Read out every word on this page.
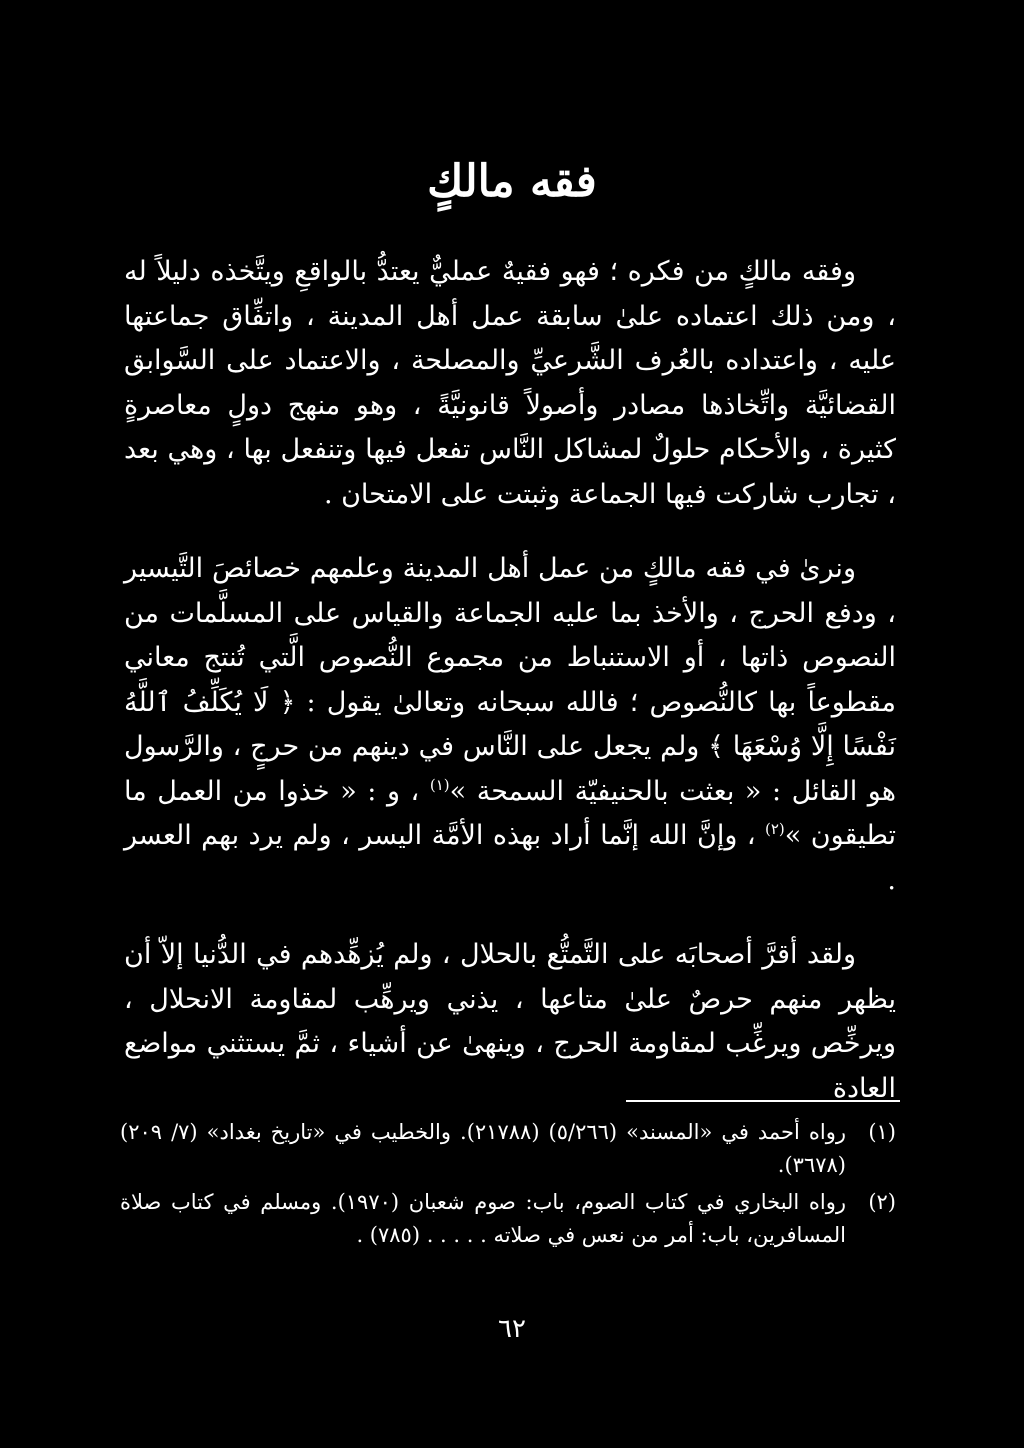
فقه مالكٍ

وفقه مالكٍ من فكره ؛ فهو فقيهٌ عمليٌّ يعتدُّ بالواقعِ ويتَّخذه دليلاً له ، ومن ذلك اعتماده علىٰ سابقة عمل أهل المدينة ، واتفِّاق جماعتها عليه ، واعتداده بالعُرف الشَّرعيِّ والمصلحة ، والاعتماد على السَّوابق القضائيَّة واتِّخاذها مصادر وأصولاً قانونيَّةً ، وهو منهج دولٍ معاصرةٍ كثيرة ، والأحكام حلولٌ لمشاكل النَّاس تفعل فيها وتنفعل بها ، وهي بعد ، تجارب شاركت فيها الجماعة وثبتت على الامتحان .

ونرىٰ في فقه مالكٍ من عمل أهل المدينة وعلمهم خصائصَ التَّيسير ، ودفع الحرج ، والأخذ بما عليه الجماعة والقياس على المسلَّمات من النصوص ذاتها ، أو الاستنباط من مجموع النُّصوص الَّتي تُنتج معاني مقطوعاً بها كالنُّصوص ؛ فالله سبحانه وتعالىٰ يقول : ﴿ لَا يُكَلِّفُ ٱللَّهُ نَفْسًا إِلَّا وُسْعَهَا ﴾ ولم يجعل على النَّاس في دينهم من حرجٍ ، والرَّسول هو القائل : « بعثت بالحنيفيّة السمحة »$^{(١)}$ ، و : « خذوا من العمل ما تطيقون »$^{(٢)}$ ، وإنَّ الله إنَّما أراد بهذه الأمَّة اليسر ، ولم يرد بهم العسر .

ولقد أقرَّ أصحابَه على التَّمتُّع بالحلال ، ولم يُزهِّدهم في الدُّنيا إلاّ أن يظهر منهم حرصٌ علىٰ متاعها ، يذني ويرهِّب لمقاومة الانحلال ، ويرخِّص ويرغِّب لمقاومة الحرج ، وينهىٰ عن أشياء ، ثمَّ يستثني مواضع العادة

(١)
رواه أحمد في «المسند» (٥/٢٦٦) (٢١٧٨٨). والخطيب في «تاريخ بغداد» (٧/ ٢٠٩) (٣٦٧٨).
(٢)
رواه البخاري في كتاب الصوم، باب: صوم شعبان (١٩٧٠). ومسلم في كتاب صلاة المسافرين، باب: أمر من نعس في صلاته . . . . . (٧٨٥) .
٦٢
